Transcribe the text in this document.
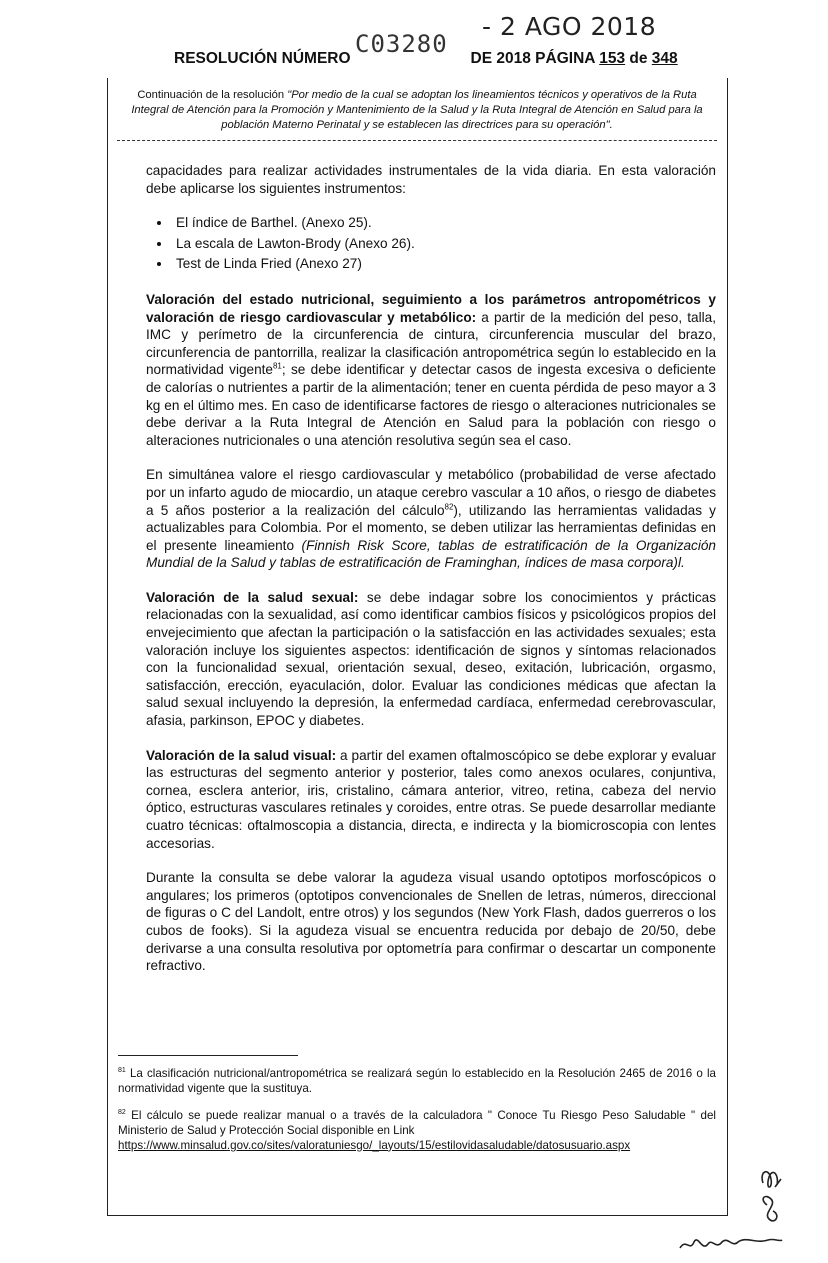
- 2 AGO 2018
C03280
RESOLUCIÓN NÚMERO	DE 2018 PÁGINA 153 de 348
Continuación de la resolución "Por medio de la cual se adoptan los lineamientos técnicos y operativos de la Ruta Integral de Atención para la Promoción y Mantenimiento de la Salud y la Ruta Integral de Atención en Salud para la población Materno Perinatal y se establecen las directrices para su operación".

capacidades para realizar actividades instrumentales de la vida diaria. En esta valoración debe aplicarse los siguientes instrumentos:

• El índice de Barthel. (Anexo 25).
• La escala de Lawton-Brody (Anexo 26).
• Test de Linda Fried (Anexo 27)

Valoración del estado nutricional, seguimiento a los parámetros antropométricos y valoración de riesgo cardiovascular y metabólico: a partir de la medición del peso, talla, IMC y perímetro de la circunferencia de cintura, circunferencia muscular del brazo, circunferencia de pantorrilla, realizar la clasificación antropométrica según lo establecido en la normatividad vigente$^{81}$; se debe identificar y detectar casos de ingesta excesiva o deficiente de calorías o nutrientes a partir de la alimentación; tener en cuenta pérdida de peso mayor a 3 kg en el último mes. En caso de identificarse factores de riesgo o alteraciones nutricionales se debe derivar a la Ruta Integral de Atención en Salud para la población con riesgo o alteraciones nutricionales o una atención resolutiva según sea el caso.

En simultánea valore el riesgo cardiovascular y metabólico (probabilidad de verse afectado por un infarto agudo de miocardio, un ataque cerebro vascular a 10 años, o riesgo de diabetes a 5 años posterior a la realización del cálculo$^{82}$), utilizando las herramientas validadas y actualizables para Colombia. Por el momento, se deben utilizar las herramientas definidas en el presente lineamiento (Finnish Risk Score, tablas de estratificación de la Organización Mundial de la Salud y tablas de estratificación de Framinghan, índices de masa corpora)l.

Valoración de la salud sexual: se debe indagar sobre los conocimientos y prácticas relacionadas con la sexualidad, así como identificar cambios físicos y psicológicos propios del envejecimiento que afectan la participación o la satisfacción en las actividades sexuales; esta valoración incluye los siguientes aspectos: identificación de signos y síntomas relacionados con la funcionalidad sexual, orientación sexual, deseo, exitación, lubricación, orgasmo, satisfacción, erección, eyaculación, dolor. Evaluar las condiciones médicas que afectan la salud sexual incluyendo la depresión, la enfermedad cardíaca, enfermedad cerebrovascular, afasia, parkinson, EPOC y diabetes.

Valoración de la salud visual: a partir del examen oftalmoscópico se debe explorar y evaluar las estructuras del segmento anterior y posterior, tales como anexos oculares, conjuntiva, cornea, esclera anterior, iris, cristalino, cámara anterior, vitreo, retina, cabeza del nervio óptico, estructuras vasculares retinales y coroides, entre otras. Se puede desarrollar mediante cuatro técnicas: oftalmoscopia a distancia, directa, e indirecta y la biomicroscopia con lentes accesorias.

Durante la consulta se debe valorar la agudeza visual usando optotipos morfoscópicos o angulares; los primeros (optotipos convencionales de Snellen de letras, números, direccional de figuras o C del Landolt, entre otros) y los segundos (New York Flash, dados guerreros o los cubos de fooks). Si la agudeza visual se encuentra reducida por debajo de 20/50, debe derivarse a una consulta resolutiva por optometría para confirmar o descartar un componente refractivo.

$^{81}$ La clasificación nutricional/antropométrica se realizará según lo establecido en la Resolución 2465 de 2016 o la normatividad vigente que la sustituya.

$^{82}$ El cálculo se puede realizar manual o a través de la calculadora " Conoce Tu Riesgo Peso Saludable " del Ministerio de Salud y Protección Social disponible en Link
https://www.minsalud.gov.co/sites/valoratuniesgo/_layouts/15/estilovidasaludable/datosusuario.aspx
